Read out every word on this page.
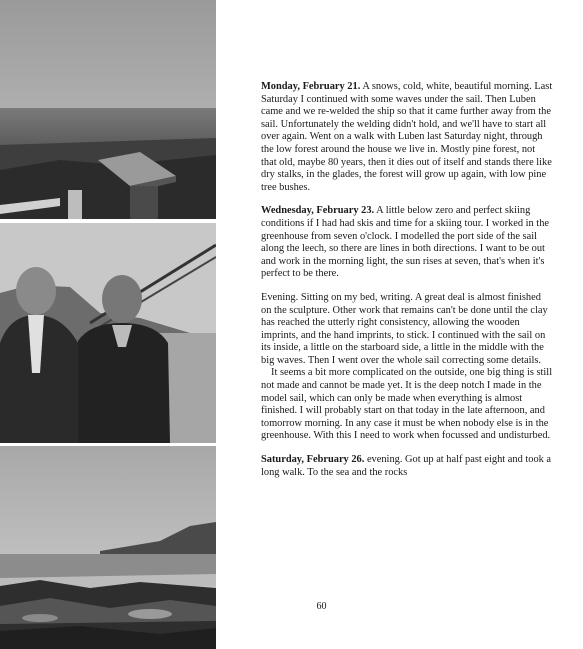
Monday, February 21. A snows, cold, white, beautiful morning. Last Saturday I continued with some waves under the sail. Then Luben came and we re-welded the ship so that it came further away from the sail. Unfortunately the welding didn't hold, and we'll have to start all over again. Went on a walk with Luben last Saturday night, through the low forest around the house we live in. Mostly pine forest, not that old, maybe 80 years, then it dies out of itself and stands there like dry stalks, in the glades, the forest will grow up again, with low pine tree bushes.

Wednesday, February 23. A little below zero and perfect skiing conditions if I had had skis and time for a skiing tour. I worked in the greenhouse from seven o'clock. I modelled the port side of the sail along the leech, so there are lines in both directions. I want to be out and work in the morning light, the sun rises at seven, that's when it's perfect to be there.

Evening. Sitting on my bed, writing. A great deal is almost finished on the sculpture. Other work that remains can't be done until the clay has reached the utterly right consistency, allowing the wooden imprints, and the hand imprints, to stick. I continued with the sail on its inside, a little on the starboard side, a little in the middle with the big waves. Then I went over the whole sail correcting some details.

It seems a bit more complicated on the outside, one big thing is still not made and cannot be made yet. It is the deep notch I made in the model sail, which can only be made when everything is almost finished. I will probably start on that today in the late afternoon, and tomorrow morning. In any case it must be when nobody else is in the greenhouse. With this I need to work when focussed and undisturbed.

Saturday, February 26. evening. Got up at half past eight and took a long walk. To the sea and the rocks

60
